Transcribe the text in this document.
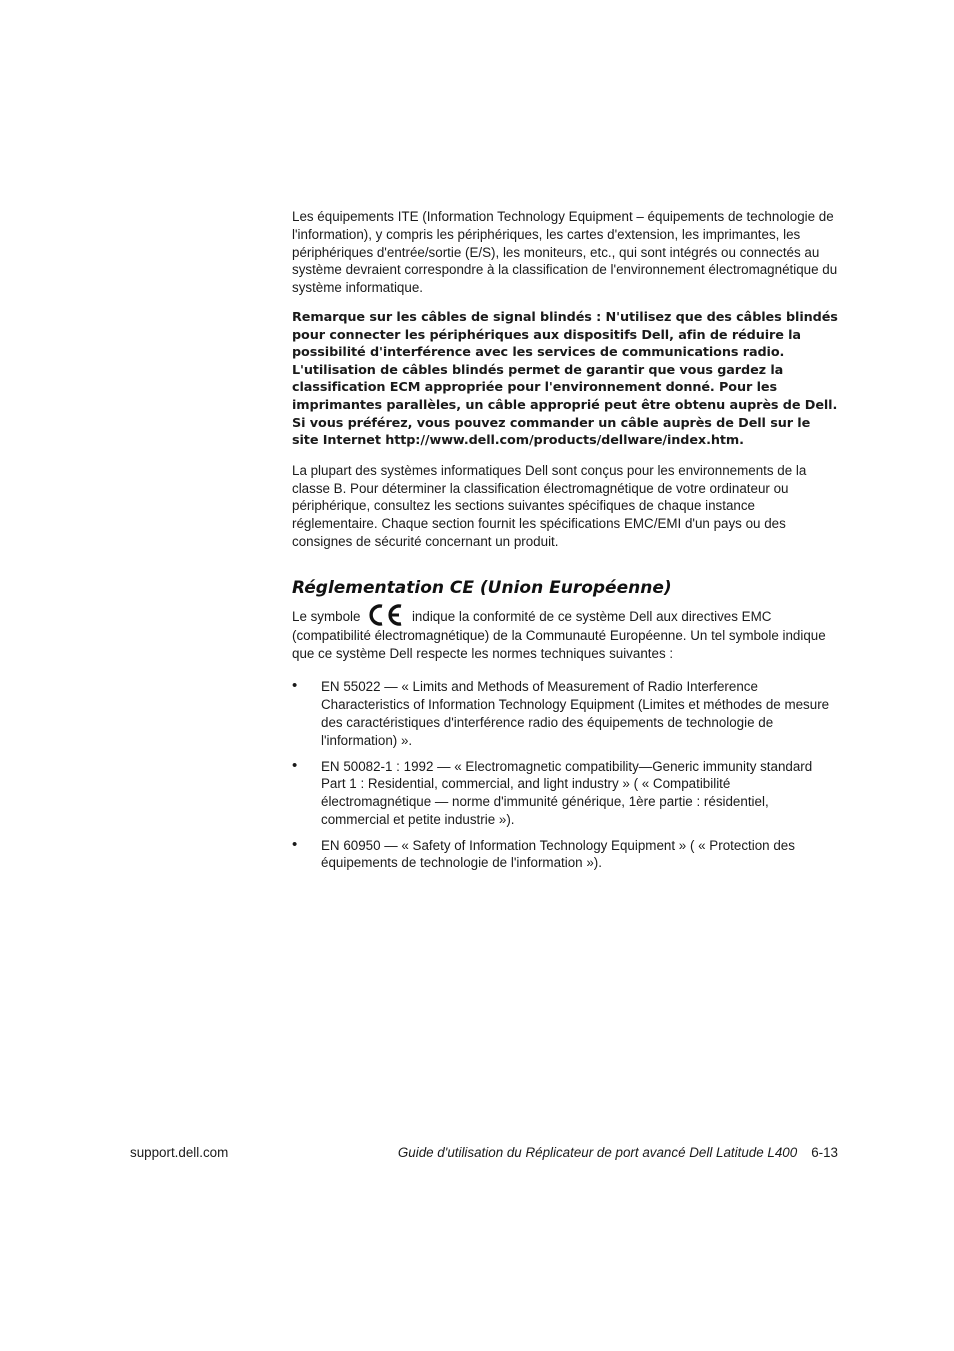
Les équipements ITE (Information Technology Equipment – équipements de technologie de l'information), y compris les périphériques, les cartes d'extension, les imprimantes, les périphériques d'entrée/sortie (E/S), les moniteurs, etc., qui sont intégrés ou connectés au système devraient correspondre à la classification de l'environnement électromagnétique du système informatique.

Remarque sur les câbles de signal blindés : N'utilisez que des câbles blindés pour connecter les périphériques aux dispositifs Dell, afin de réduire la possibilité d'interférence avec les services de communications radio. L'utilisation de câbles blindés permet de garantir que vous gardez la classification ECM appropriée pour l'environnement donné. Pour les imprimantes parallèles, un câble approprié peut être obtenu auprès de Dell. Si vous préférez, vous pouvez commander un câble auprès de Dell sur le site Internet http://www.dell.com/products/dellware/index.htm.

La plupart des systèmes informatiques Dell sont conçus pour les environnements de la classe B. Pour déterminer la classification électromagnétique de votre ordinateur ou périphérique, consultez les sections suivantes spécifiques de chaque instance réglementaire. Chaque section fournit les spécifications EMC/EMI d'un pays ou des consignes de sécurité concernant un produit.

Réglementation CE (Union Européenne)

Le symbole	indique la conformité de ce système Dell aux directives EMC (compatibilité électromagnétique) de la Communauté Européenne. Un tel symbole indique que ce système Dell respecte les normes techniques suivantes :

• EN 55022 — « Limits and Methods of Measurement of Radio Interference Characteristics of Information Technology Equipment (Limites et méthodes de mesure des caractéristiques d'interférence radio des équipements de technologie de l'information) ».
• EN 50082-1 : 1992 — « Electromagnetic compatibility—Generic immunity standard Part 1 : Residential, commercial, and light industry » ( « Compatibilité électromagnétique — norme d'immunité générique, 1ère partie : résidentiel, commercial et petite industrie »).
• EN 60950 — « Safety of Information Technology Equipment » ( « Protection des équipements de technologie de l'information »).
support.dell.com	Guide d'utilisation du Réplicateur de port avancé Dell Latitude L400 6-13
